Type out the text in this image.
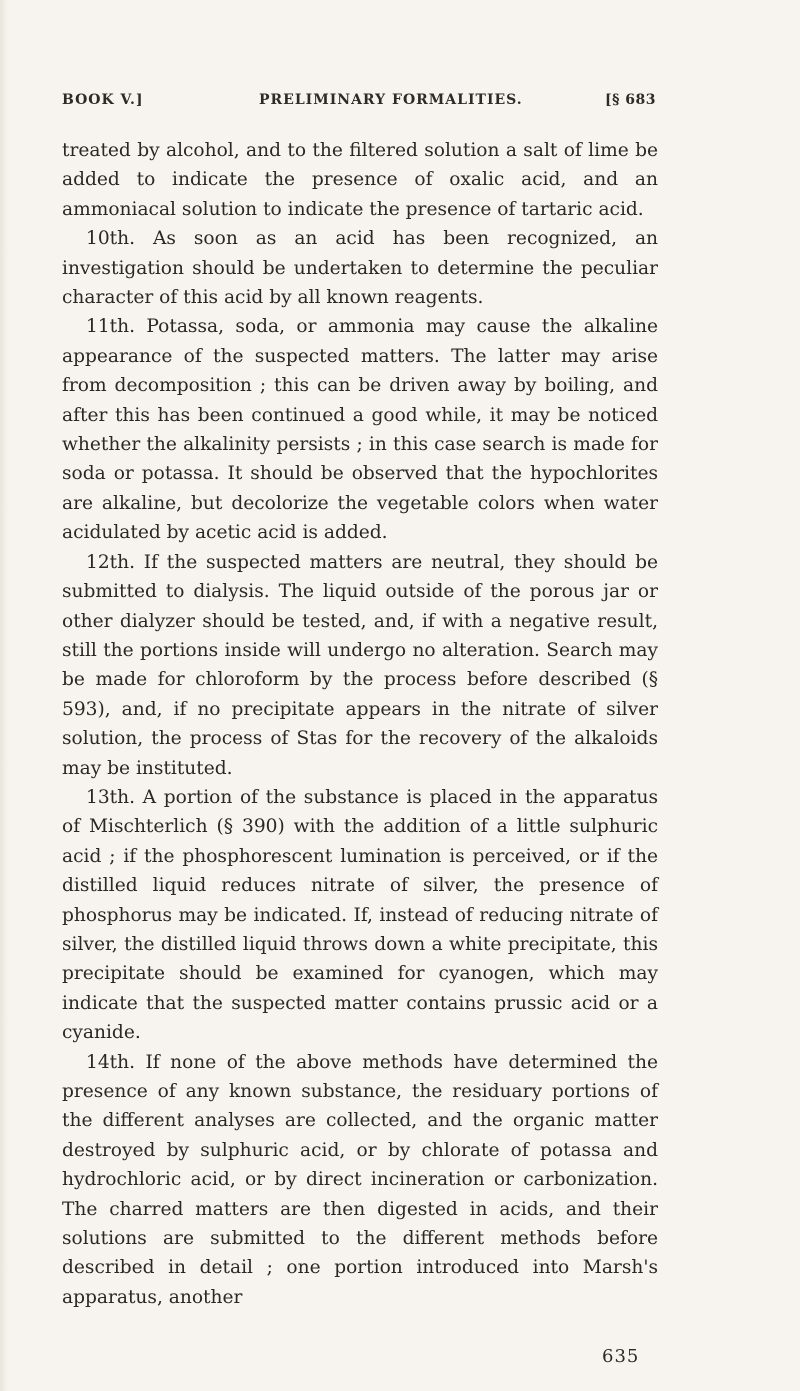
BOOK V.]	PRELIMINARY FORMALITIES.	[§ 683

treated by alcohol, and to the filtered solution a salt of lime be added to indicate the presence of oxalic acid, and an ammoniacal solution to indicate the presence of tartaric acid.

10th. As soon as an acid has been recognized, an investigation should be undertaken to determine the peculiar character of this acid by all known reagents.

11th. Potassa, soda, or ammonia may cause the alkaline appearance of the suspected matters. The latter may arise from decomposition ; this can be driven away by boiling, and after this has been continued a good while, it may be noticed whether the alkalinity persists ; in this case search is made for soda or potassa. It should be observed that the hypochlorites are alkaline, but decolorize the vegetable colors when water acidulated by acetic acid is added.

12th. If the suspected matters are neutral, they should be submitted to dialysis. The liquid outside of the porous jar or other dialyzer should be tested, and, if with a negative result, still the portions inside will undergo no alteration. Search may be made for chloroform by the process before described (§ 593), and, if no precipitate appears in the nitrate of silver solution, the process of Stas for the recovery of the alkaloids may be instituted.

13th. A portion of the substance is placed in the apparatus of Mischterlich (§ 390) with the addition of a little sulphuric acid ; if the phosphorescent lumination is perceived, or if the distilled liquid reduces nitrate of silver, the presence of phosphorus may be indicated. If, instead of reducing nitrate of silver, the distilled liquid throws down a white precipitate, this precipitate should be examined for cyanogen, which may indicate that the suspected matter contains prussic acid or a cyanide.

14th. If none of the above methods have determined the presence of any known substance, the residuary portions of the different analyses are collected, and the organic matter destroyed by sulphuric acid, or by chlorate of potassa and hydrochloric acid, or by direct incineration or carbonization. The charred matters are then digested in acids, and their solutions are submitted to the different methods before described in detail ; one portion introduced into Marsh's apparatus, another

635
